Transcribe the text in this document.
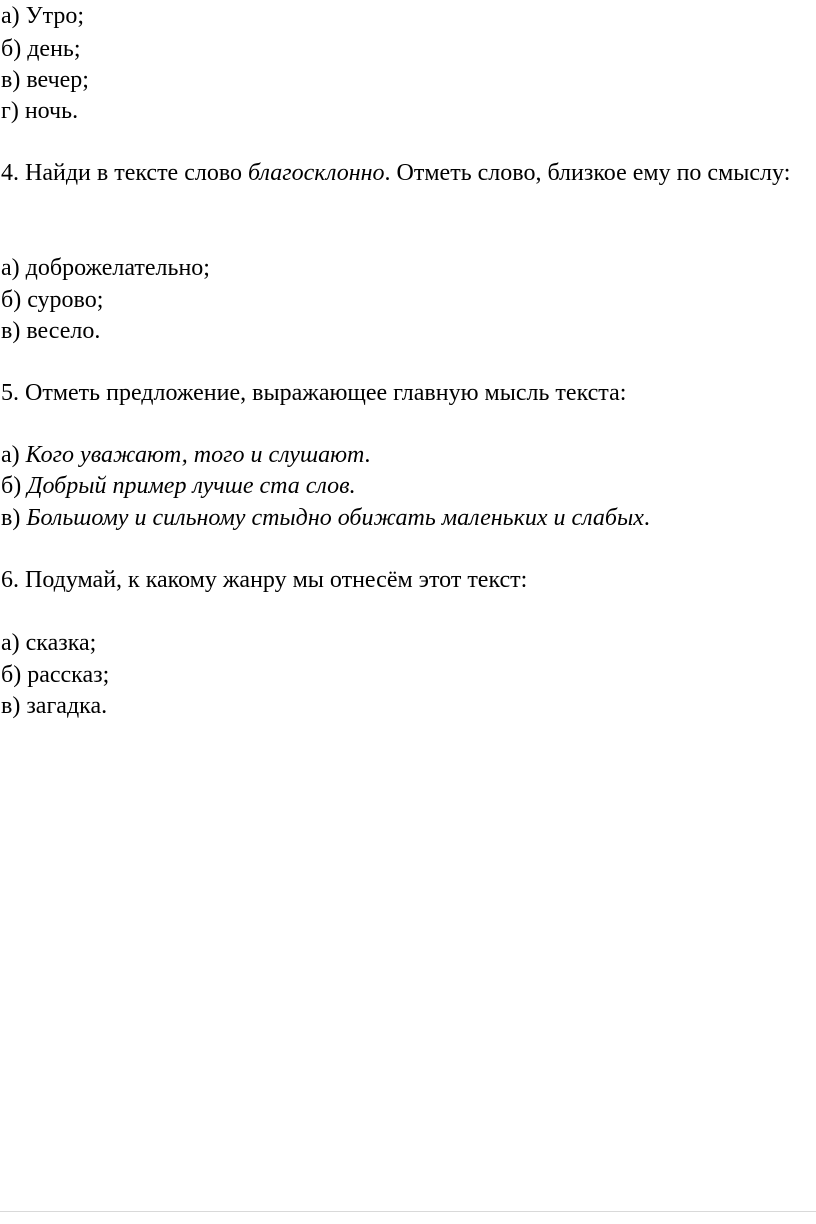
а) Утро;
б) день;
в) вечер;
г) ночь.
4. Найди в тексте слово благосклонно. Отметь слово, близкое ему по смыслу:
а) доброжелательно;
б) сурово;
в) весело.
5. Отметь предложение, выражающее главную мысль текста:
а) Кого уважают, того и слушают.
б) Добрый пример лучше ста слов.
в) Большому и сильному стыдно обижать маленьких и слабых.
6. Подумай, к какому жанру мы отнесём этот текст:
а) сказка;
б) рассказ;
в) загадка.
